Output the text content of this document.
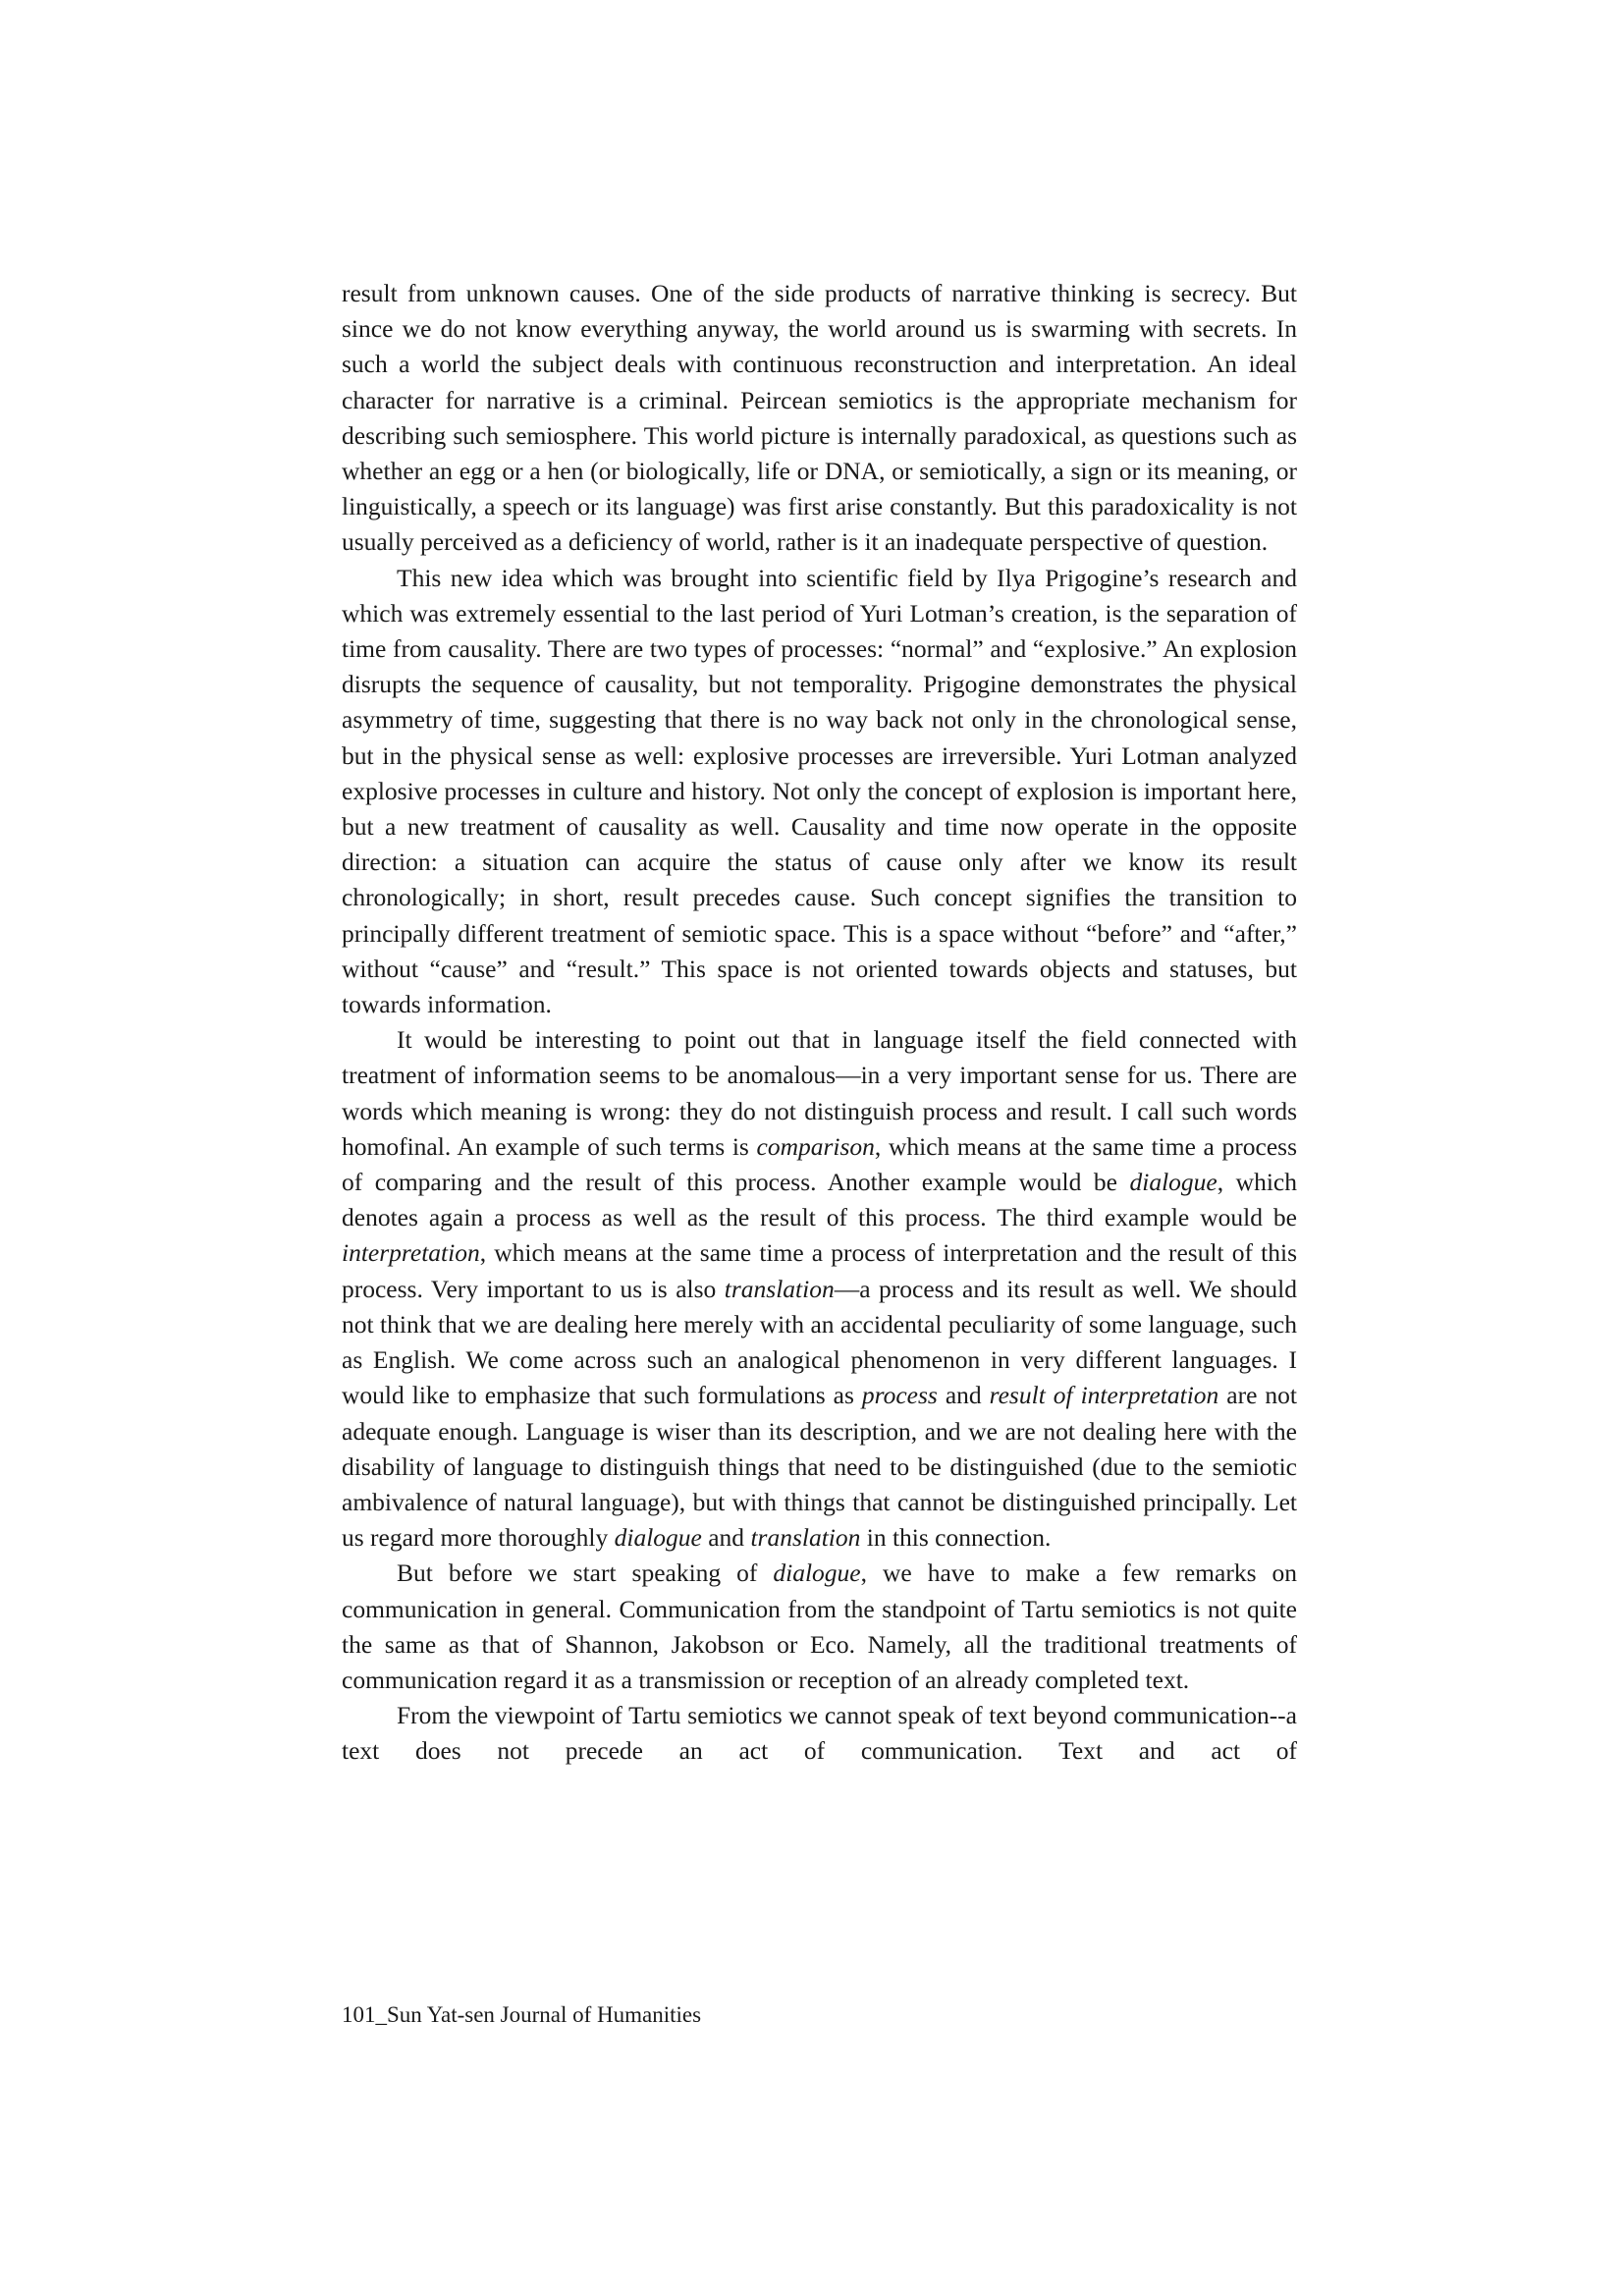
result from unknown causes. One of the side products of narrative thinking is secrecy. But since we do not know everything anyway, the world around us is swarming with secrets. In such a world the subject deals with continuous reconstruction and interpretation. An ideal character for narrative is a criminal. Peircean semiotics is the appropriate mechanism for describing such semiosphere. This world picture is internally paradoxical, as questions such as whether an egg or a hen (or biologically, life or DNA, or semiotically, a sign or its meaning, or linguistically, a speech or its language) was first arise constantly. But this paradoxicality is not usually perceived as a deficiency of world, rather is it an inadequate perspective of question.

This new idea which was brought into scientific field by Ilya Prigogine’s research and which was extremely essential to the last period of Yuri Lotman’s creation, is the separation of time from causality. There are two types of processes: “normal” and “explosive.” An explosion disrupts the sequence of causality, but not temporality. Prigogine demonstrates the physical asymmetry of time, suggesting that there is no way back not only in the chronological sense, but in the physical sense as well: explosive processes are irreversible. Yuri Lotman analyzed explosive processes in culture and history. Not only the concept of explosion is important here, but a new treatment of causality as well. Causality and time now operate in the opposite direction: a situation can acquire the status of cause only after we know its result chronologically; in short, result precedes cause. Such concept signifies the transition to principally different treatment of semiotic space. This is a space without “before” and “after,” without “cause” and “result.” This space is not oriented towards objects and statuses, but towards information.

It would be interesting to point out that in language itself the field connected with treatment of information seems to be anomalous—in a very important sense for us. There are words which meaning is wrong: they do not distinguish process and result. I call such words homofinal. An example of such terms is comparison, which means at the same time a process of comparing and the result of this process. Another example would be dialogue, which denotes again a process as well as the result of this process. The third example would be interpretation, which means at the same time a process of interpretation and the result of this process. Very important to us is also translation—a process and its result as well. We should not think that we are dealing here merely with an accidental peculiarity of some language, such as English. We come across such an analogical phenomenon in very different languages. I would like to emphasize that such formulations as process and result of interpretation are not adequate enough. Language is wiser than its description, and we are not dealing here with the disability of language to distinguish things that need to be distinguished (due to the semiotic ambivalence of natural language), but with things that cannot be distinguished principally. Let us regard more thoroughly dialogue and translation in this connection.

But before we start speaking of dialogue, we have to make a few remarks on communication in general. Communication from the standpoint of Tartu semiotics is not quite the same as that of Shannon, Jakobson or Eco. Namely, all the traditional treatments of communication regard it as a transmission or reception of an already completed text.

From the viewpoint of Tartu semiotics we cannot speak of text beyond communication--a text does not precede an act of communication. Text and act of

101_Sun Yat-sen Journal of Humanities
